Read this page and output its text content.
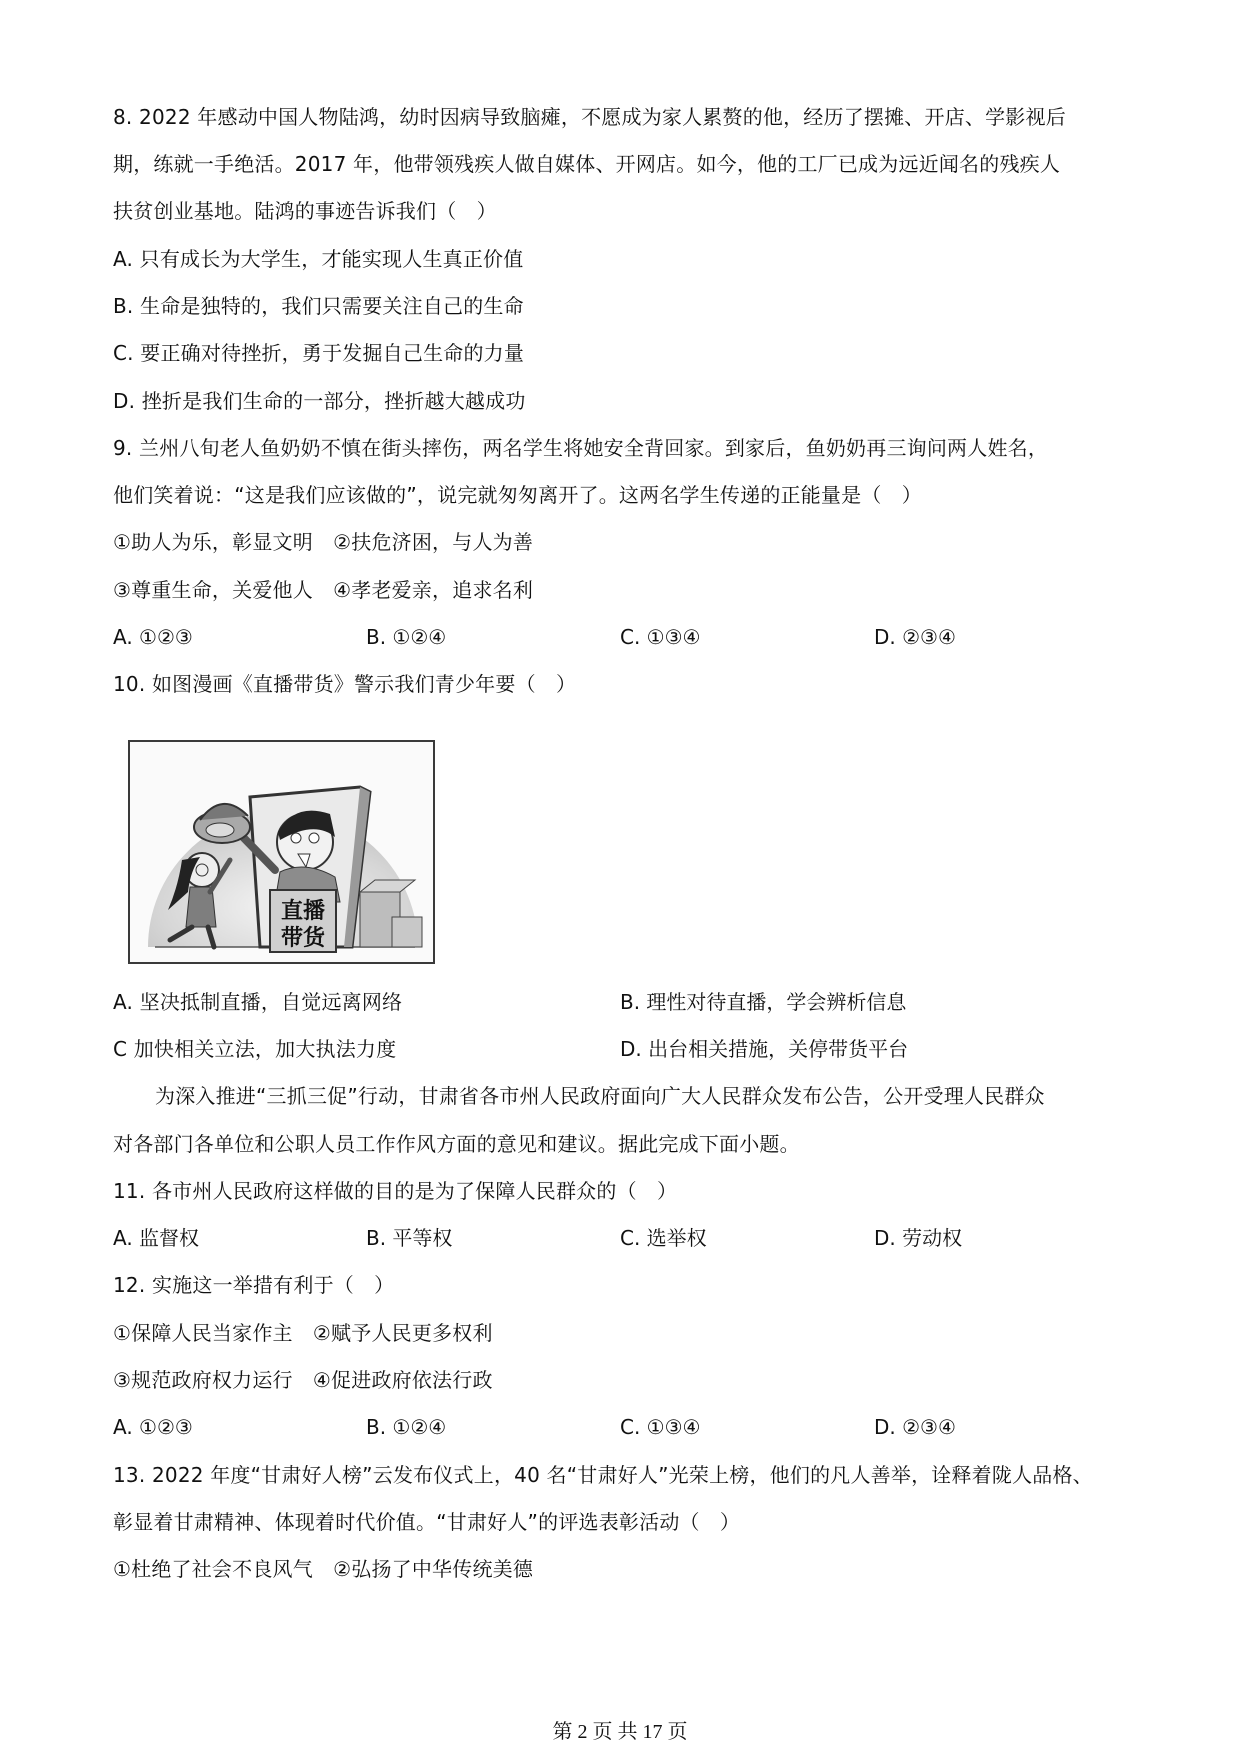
8. 2022 年感动中国人物陆鸿，幼时因病导致脑瘫，不愿成为家人累赘的他，经历了摆摊、开店、学影视后
期，练就一手绝活。2017 年，他带领残疾人做自媒体、开网店。如今，他的工厂已成为远近闻名的残疾人
扶贫创业基地。陆鸿的事迹告诉我们（　）
A. 只有成长为大学生，才能实现人生真正价值
B. 生命是独特的，我们只需要关注自己的生命
C. 要正确对待挫折，勇于发掘自己生命的力量
D. 挫折是我们生命的一部分，挫折越大越成功
9. 兰州八旬老人鱼奶奶不慎在街头摔伤，两名学生将她安全背回家。到家后，鱼奶奶再三询问两人姓名，
他们笑着说：“这是我们应该做的”，说完就匆匆离开了。这两名学生传递的正能量是（　）
①助人为乐，彰显文明　②扶危济困，与人为善
③尊重生命，关爱他人　④孝老爱亲，追求名利
A. ①②③	B. ①②④	C. ①③④	D. ②③④
10. 如图漫画《直播带货》警示我们青少年要（　）
直播
带货
A. 坚决抵制直播，自觉远离网络	B. 理性对待直播，学会辨析信息
C 加快相关立法，加大执法力度	D. 出台相关措施，关停带货平台
为深入推进“三抓三促”行动，甘肃省各市州人民政府面向广大人民群众发布公告，公开受理人民群众
对各部门各单位和公职人员工作作风方面的意见和建议。据此完成下面小题。
11. 各市州人民政府这样做的目的是为了保障人民群众的（　）
A. 监督权	B. 平等权	C. 选举权	D. 劳动权
12. 实施这一举措有利于（　）
①保障人民当家作主　②赋予人民更多权利
③规范政府权力运行　④促进政府依法行政
A. ①②③	B. ①②④	C. ①③④	D. ②③④
13. 2022 年度“甘肃好人榜”云发布仪式上，40 名“甘肃好人”光荣上榜，他们的凡人善举，诠释着陇人品格、
彰显着甘肃精神、体现着时代价值。“甘肃好人”的评选表彰活动（　）
①杜绝了社会不良风气　②弘扬了中华传统美德
第 2 页 共 17 页
